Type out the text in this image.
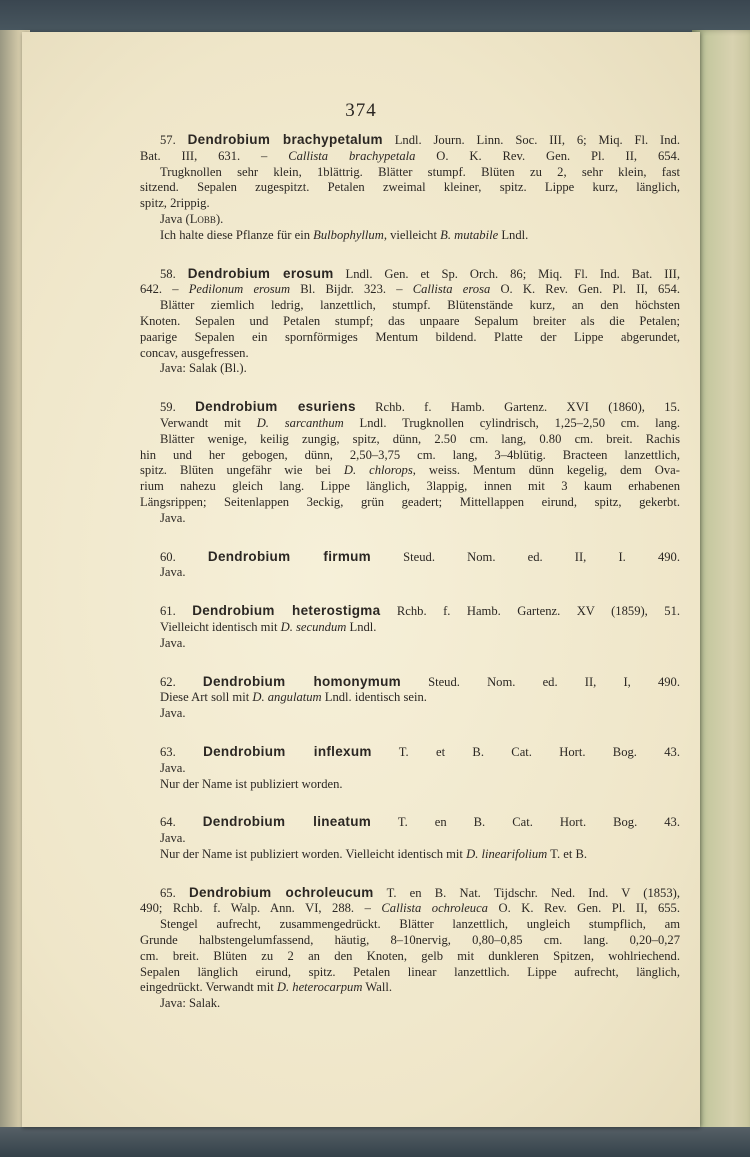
374
57. Dendrobium brachypetalum Lndl. Journ. Linn. Soc. III, 6; Miq. Fl. Ind.
Bat. III, 631. – Callista brachypetala O. K. Rev. Gen. Pl. II, 654.
Trugknollen sehr klein, 1blättrig. Blätter stumpf. Blüten zu 2, sehr klein, fast
sitzend. Sepalen zugespitzt. Petalen zweimal kleiner, spitz. Lippe kurz, länglich,
spitz, 2rippig.
Java (Lobb).
Ich halte diese Pflanze für ein Bulbophyllum, vielleicht B. mutabile Lndl.
58. Dendrobium erosum Lndl. Gen. et Sp. Orch. 86; Miq. Fl. Ind. Bat. III,
642. – Pedilonum erosum Bl. Bijdr. 323. – Callista erosa O. K. Rev. Gen. Pl. II, 654.
Blätter ziemlich ledrig, lanzettlich, stumpf. Blütenstände kurz, an den höchsten
Knoten. Sepalen und Petalen stumpf; das unpaare Sepalum breiter als die Petalen;
paarige Sepalen ein spornförmiges Mentum bildend. Platte der Lippe abgerundet,
concav, ausgefressen.
Java: Salak (Bl.).
59. Dendrobium esuriens Rchb. f. Hamb. Gartenz. XVI (1860), 15.
Verwandt mit D. sarcanthum Lndl. Trugknollen cylindrisch, 1,25–2,50 cm. lang.
Blätter wenige, keilig zungig, spitz, dünn, 2.50 cm. lang, 0.80 cm. breit. Rachis
hin und her gebogen, dünn, 2,50–3,75 cm. lang, 3–4blütig. Bracteen lanzettlich,
spitz. Blüten ungefähr wie bei D. chlorops, weiss. Mentum dünn kegelig, dem Ova-
rium nahezu gleich lang. Lippe länglich, 3lappig, innen mit 3 kaum erhabenen
Längsrippen; Seitenlappen 3eckig, grün geadert; Mittellappen eirund, spitz, gekerbt.
Java.
60. Dendrobium firmum Steud. Nom. ed. II, I. 490.
Java.
61. Dendrobium heterostigma Rchb. f. Hamb. Gartenz. XV (1859), 51.
Vielleicht identisch mit D. secundum Lndl.
Java.
62. Dendrobium homonymum Steud. Nom. ed. II, I, 490.
Diese Art soll mit D. angulatum Lndl. identisch sein.
Java.
63. Dendrobium inflexum T. et B. Cat. Hort. Bog. 43.
Java.
Nur der Name ist publiziert worden.
64. Dendrobium lineatum T. en B. Cat. Hort. Bog. 43.
Java.
Nur der Name ist publiziert worden. Vielleicht identisch mit D. linearifolium T. et B.
65. Dendrobium ochroleucum T. en B. Nat. Tijdschr. Ned. Ind. V (1853),
490; Rchb. f. Walp. Ann. VI, 288. – Callista ochroleuca O. K. Rev. Gen. Pl. II, 655.
Stengel aufrecht, zusammengedrückt. Blätter lanzettlich, ungleich stumpflich, am
Grunde halbstengelumfassend, häutig, 8–10nervig, 0,80–0,85 cm. lang. 0,20–0,27
cm. breit. Blüten zu 2 an den Knoten, gelb mit dunkleren Spitzen, wohlriechend.
Sepalen länglich eirund, spitz. Petalen linear lanzettlich. Lippe aufrecht, länglich,
eingedrückt. Verwandt mit D. heterocarpum Wall.
Java: Salak.
